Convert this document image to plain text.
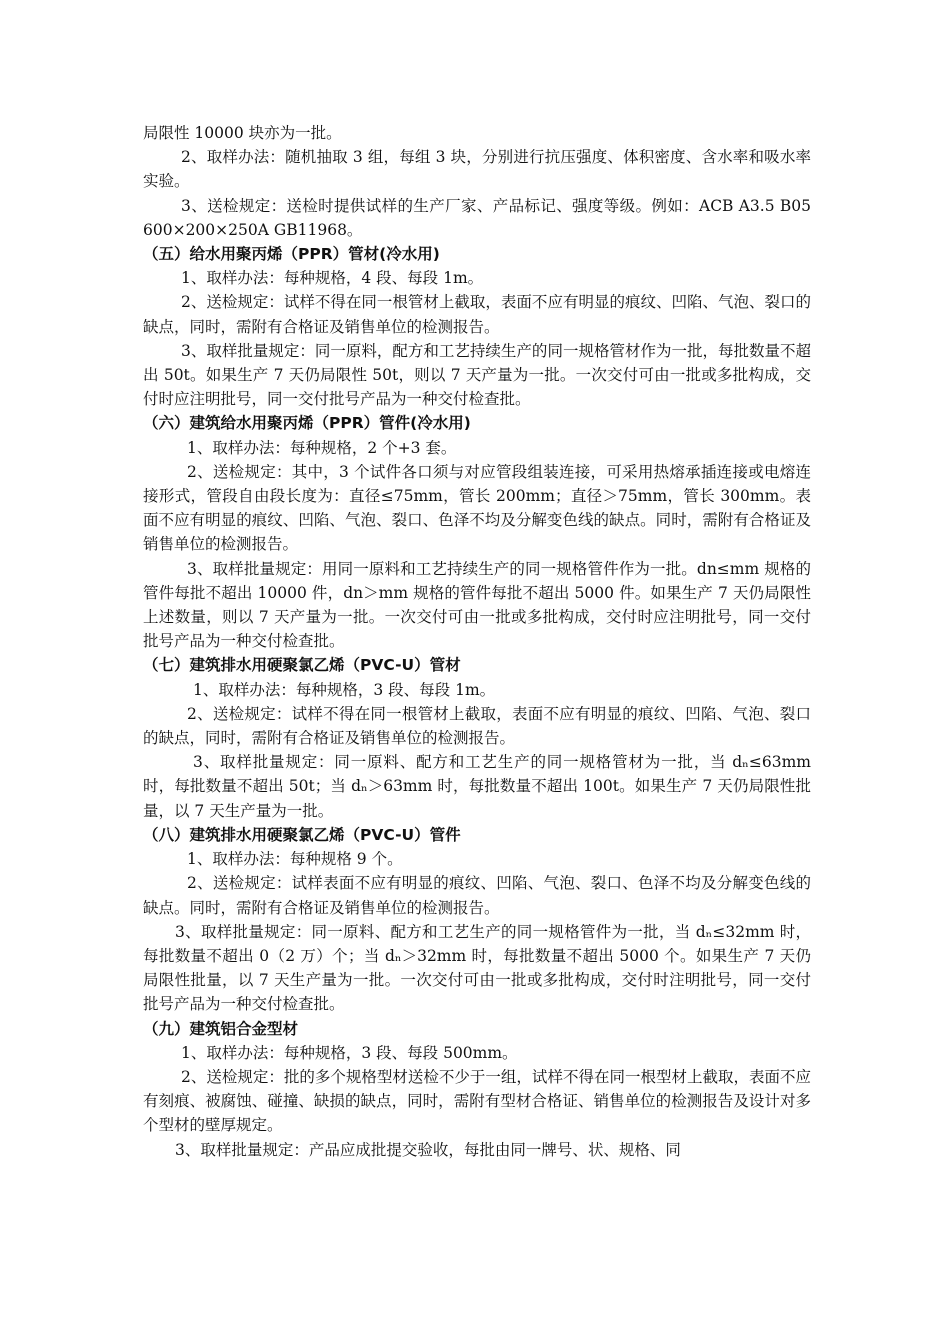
局限性 10000 块亦为一批。

2、取样办法：随机抽取 3 组，每组 3 块，分别进行抗压强度、体积密度、含水率和吸水率实验。

3、送检规定：送检时提供试样的生产厂家、产品标记、强度等级。例如：ACB A3.5 B05 600×200×250A GB11968。

（五）给水用聚丙烯（PPR）管材(冷水用)

1、取样办法：每种规格，4 段、每段 1m。

2、送检规定：试样不得在同一根管材上截取，表面不应有明显的痕纹、凹陷、气泡、裂口的缺点，同时，需附有合格证及销售单位的检测报告。

3、取样批量规定：同一原料，配方和工艺持续生产的同一规格管材作为一批，每批数量不超出 50t。如果生产 7 天仍局限性 50t，则以 7 天产量为一批。一次交付可由一批或多批构成，交付时应注明批号，同一交付批号产品为一种交付检查批。

（六）建筑给水用聚丙烯（PPR）管件(冷水用)

1、取样办法：每种规格，2 个+3 套。

2、送检规定：其中，3 个试件各口须与对应管段组装连接，可采用热熔承插连接或电熔连接形式，管段自由段长度为：直径≤75mm，管长 200mm；直径＞75mm，管长 300mm。表面不应有明显的痕纹、凹陷、气泡、裂口、色泽不均及分解变色线的缺点。同时，需附有合格证及销售单位的检测报告。

3、取样批量规定：用同一原料和工艺持续生产的同一规格管件作为一批。dn≤mm 规格的管件每批不超出 10000 件，dn＞mm 规格的管件每批不超出 5000 件。如果生产 7 天仍局限性上述数量，则以 7 天产量为一批。一次交付可由一批或多批构成，交付时应注明批号，同一交付批号产品为一种交付检查批。

（七）建筑排水用硬聚氯乙烯（PVC-U）管材

1、取样办法：每种规格，3 段、每段 1m。

2、送检规定：试样不得在同一根管材上截取，表面不应有明显的痕纹、凹陷、气泡、裂口的缺点，同时，需附有合格证及销售单位的检测报告。

3、取样批量规定：同一原料、配方和工艺生产的同一规格管材为一批，当 dₙ≤63mm 时，每批数量不超出 50t；当 dₙ＞63mm 时，每批数量不超出 100t。如果生产 7 天仍局限性批量，以 7 天生产量为一批。

（八）建筑排水用硬聚氯乙烯（PVC-U）管件

1、取样办法：每种规格 9 个。

2、送检规定：试样表面不应有明显的痕纹、凹陷、气泡、裂口、色泽不均及分解变色线的缺点。同时，需附有合格证及销售单位的检测报告。

3、取样批量规定：同一原料、配方和工艺生产的同一规格管件为一批，当 dₙ≤32mm 时，每批数量不超出 0（2 万）个；当 dₙ＞32mm 时，每批数量不超出 5000 个。如果生产 7 天仍局限性批量，以 7 天生产量为一批。一次交付可由一批或多批构成，交付时注明批号，同一交付批号产品为一种交付检查批。

（九）建筑铝合金型材

1、取样办法：每种规格，3 段、每段 500mm。

2、送检规定：批的多个规格型材送检不少于一组，试样不得在同一根型材上截取，表面不应有刻痕、被腐蚀、碰撞、缺损的缺点，同时，需附有型材合格证、销售单位的检测报告及设计对多个型材的壁厚规定。

3、取样批量规定：产品应成批提交验收，每批由同一牌号、状、规格、同
